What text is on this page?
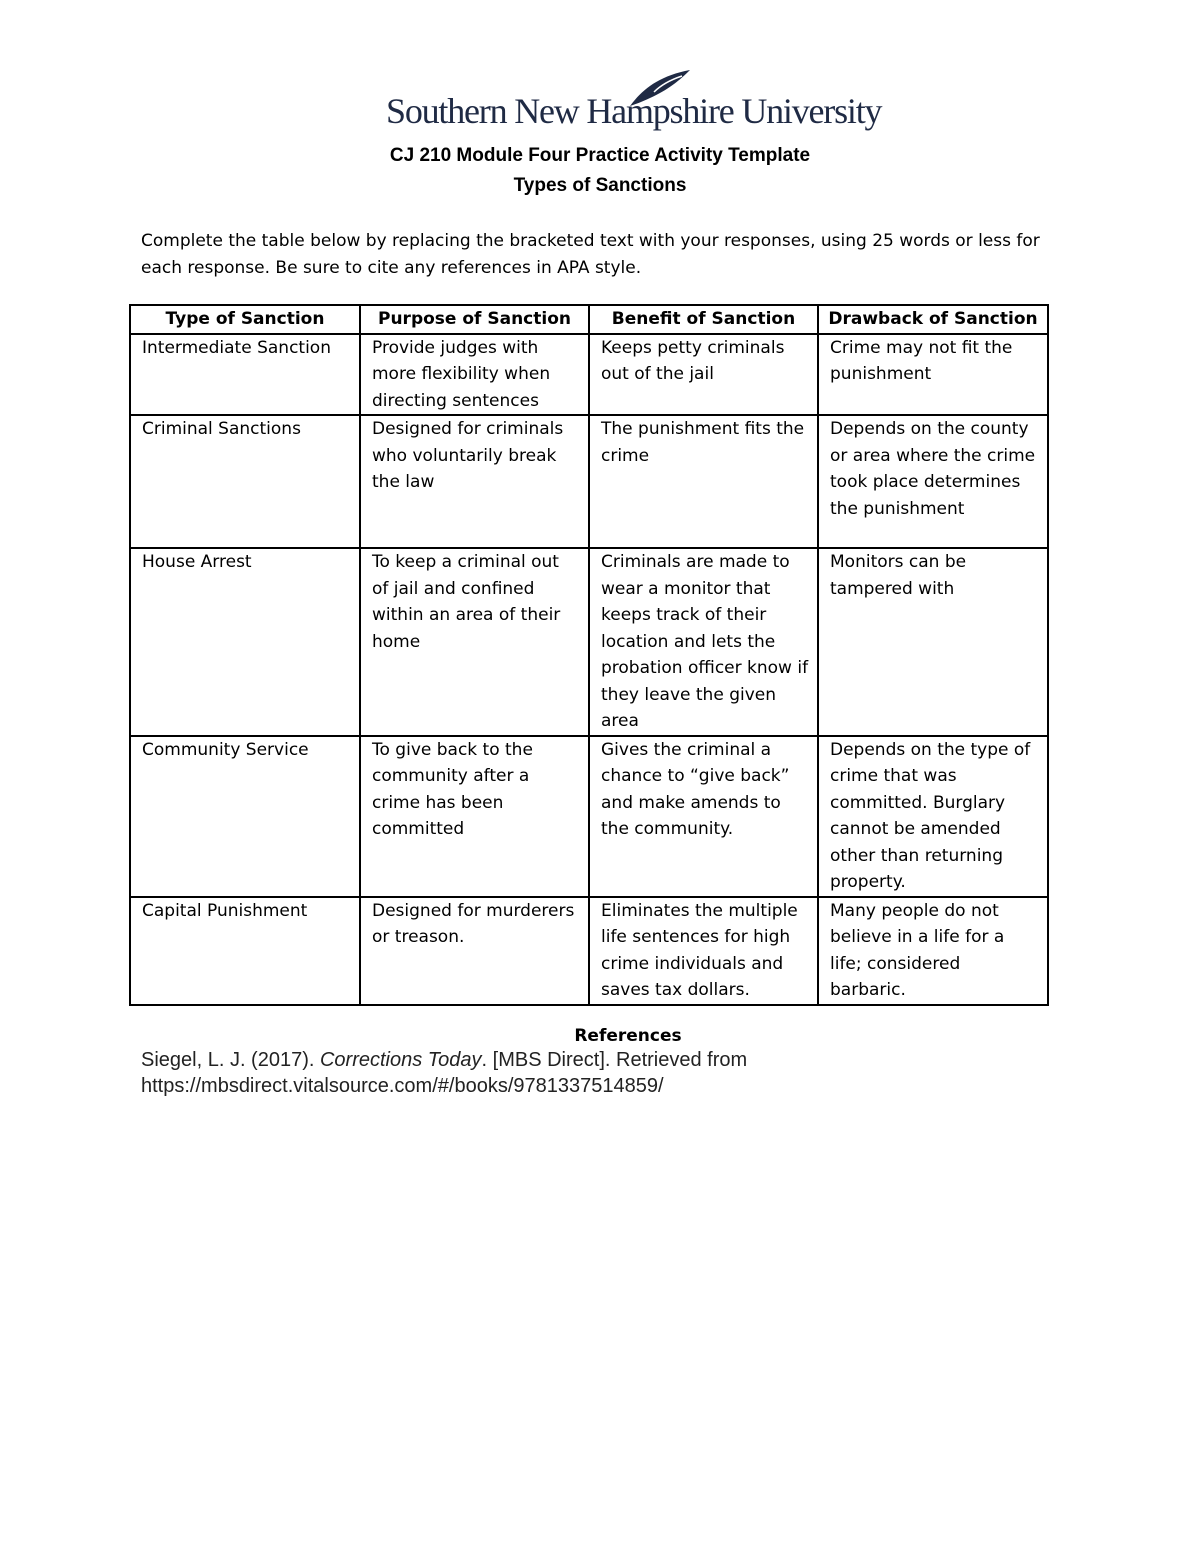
Southern New Hampshire University
CJ 210 Module Four Practice Activity Template
Types of Sanctions
Complete the table below by replacing the bracketed text with your responses, using 25 words or less for each response. Be sure to cite any references in APA style.
Type of Sanction	Purpose of Sanction	Benefit of Sanction	Drawback of Sanction
Intermediate Sanction	Provide judges with more flexibility when directing sentences	Keeps petty criminals out of the jail	Crime may not fit the punishment
Criminal Sanctions	Designed for criminals who voluntarily break the law	The punishment fits the crime	Depends on the county or area where the crime took place determines the punishment
House Arrest	To keep a criminal out of jail and confined within an area of their home	Criminals are made to wear a monitor that keeps track of their location and lets the probation officer know if they leave the given area	Monitors can be tampered with
Community Service	To give back to the community after a crime has been committed	Gives the criminal a chance to “give back” and make amends to the community.	Depends on the type of crime that was committed. Burglary cannot be amended other than returning property.
Capital Punishment	Designed for murderers or treason.	Eliminates the multiple life sentences for high crime individuals and saves tax dollars.	Many people do not believe in a life for a life; considered barbaric.
References
Siegel, L. J. (2017). Corrections Today. [MBS Direct]. Retrieved from https://mbsdirect.vitalsource.com/#/books/9781337514859/
